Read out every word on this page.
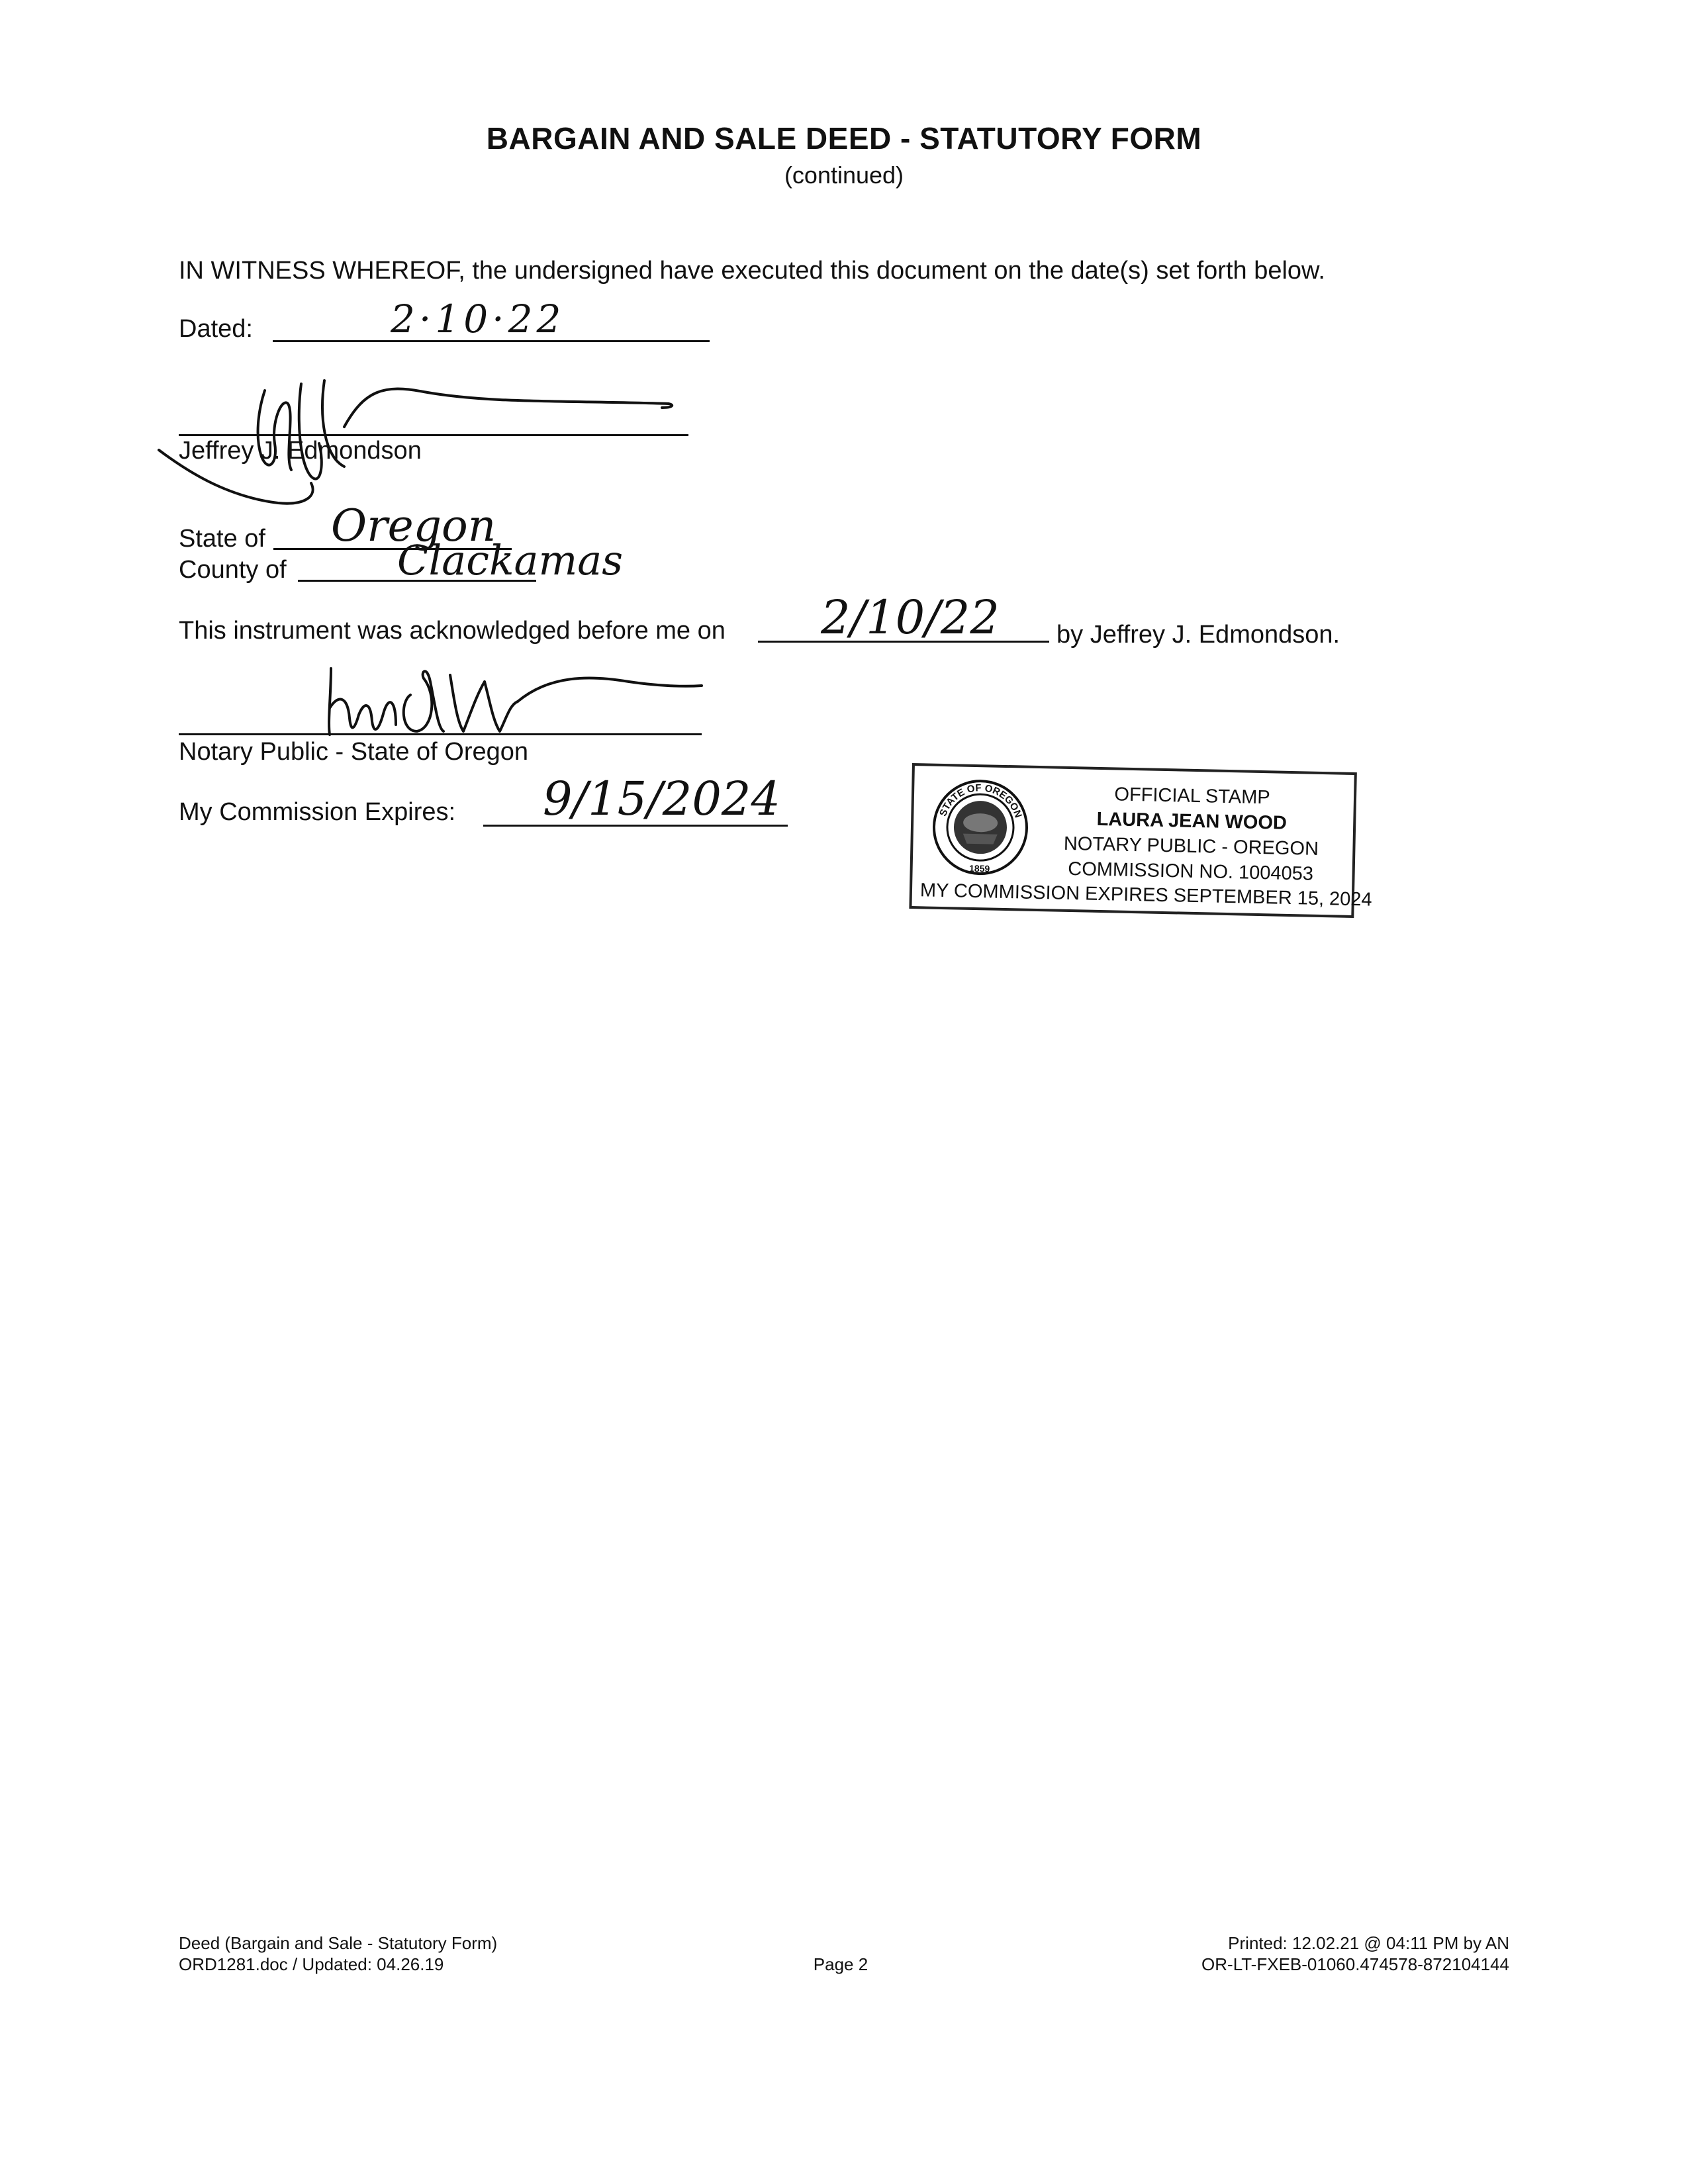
BARGAIN AND SALE DEED - STATUTORY FORM
(continued)
IN WITNESS WHEREOF, the undersigned have executed this document on the date(s) set forth below.
Dated:	2·10·22
Jeffrey J. Edmondson
State of Oregon
County of	Clackamas
This instrument was acknowledged before me on 2/10/22 by Jeffrey J. Edmondson.
Notary Public - State of Oregon
My Commission Expires: 9/15/2024	STATE OF OREGON
1859
OFFICIAL STAMP
LAURA JEAN WOOD
NOTARY PUBLIC - OREGON
COMMISSION NO. 1004053
MY COMMISSION EXPIRES SEPTEMBER 15, 2024
Deed (Bargain and Sale - Statutory Form)
ORD1281.doc / Updated: 04.26.19	Page 2
Printed: 12.02.21 @ 04:11 PM by AN
OR-LT-FXEB-01060.474578-872104144
